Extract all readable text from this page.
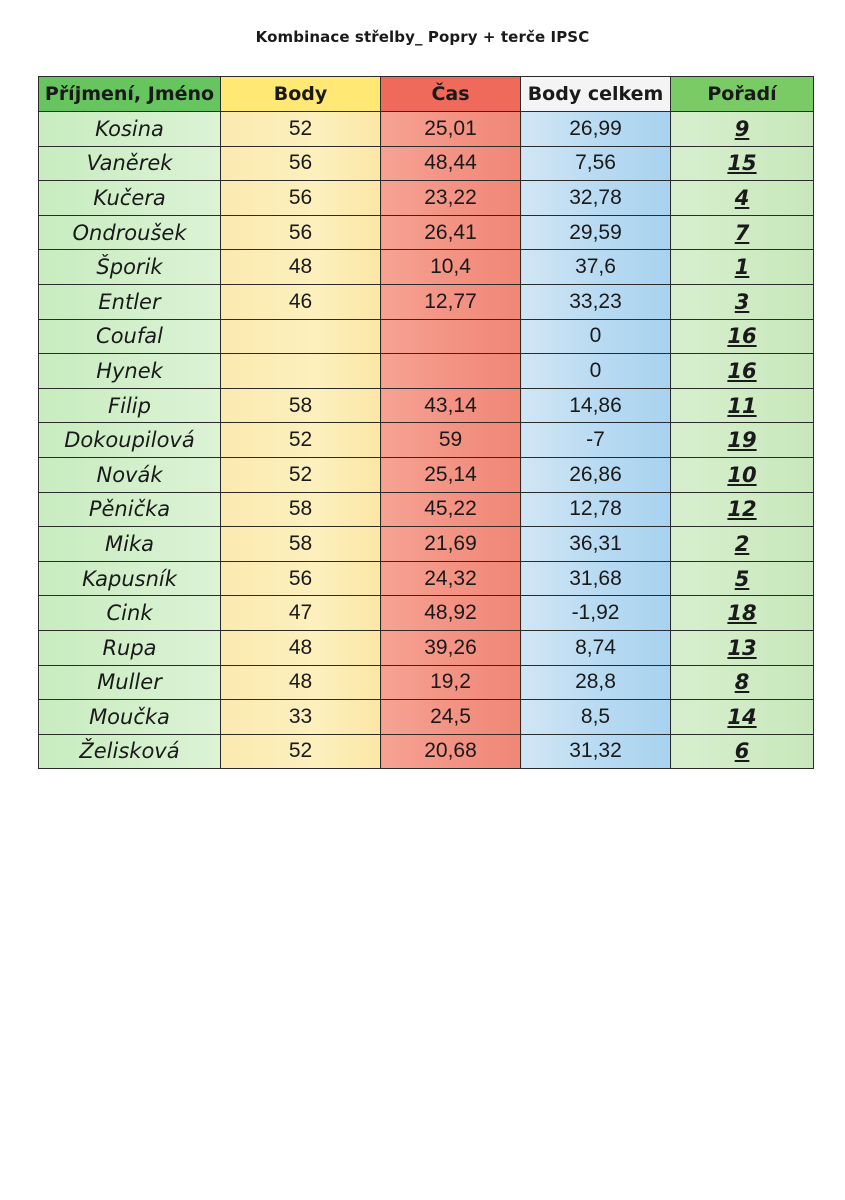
Kombinace střelby_ Popry + terče IPSC
Příjmení, Jméno	Body	Čas	Body celkem	Pořadí
Kosina	52	25,01	26,99	9
Vaněrek	56	48,44	7,56	15
Kučera	56	23,22	32,78	4
Ondroušek	56	26,41	29,59	7
Šporik	48	10,4	37,6	1
Entler	46	12,77	33,23	3
Coufal			0	16
Hynek			0	16
Filip	58	43,14	14,86	11
Dokoupilová	52	59	-7	19
Novák	52	25,14	26,86	10
Pěnička	58	45,22	12,78	12
Mika	58	21,69	36,31	2
Kapusník	56	24,32	31,68	5
Cink	47	48,92	-1,92	18
Rupa	48	39,26	8,74	13
Muller	48	19,2	28,8	8
Moučka	33	24,5	8,5	14
Želisková	52	20,68	31,32	6
